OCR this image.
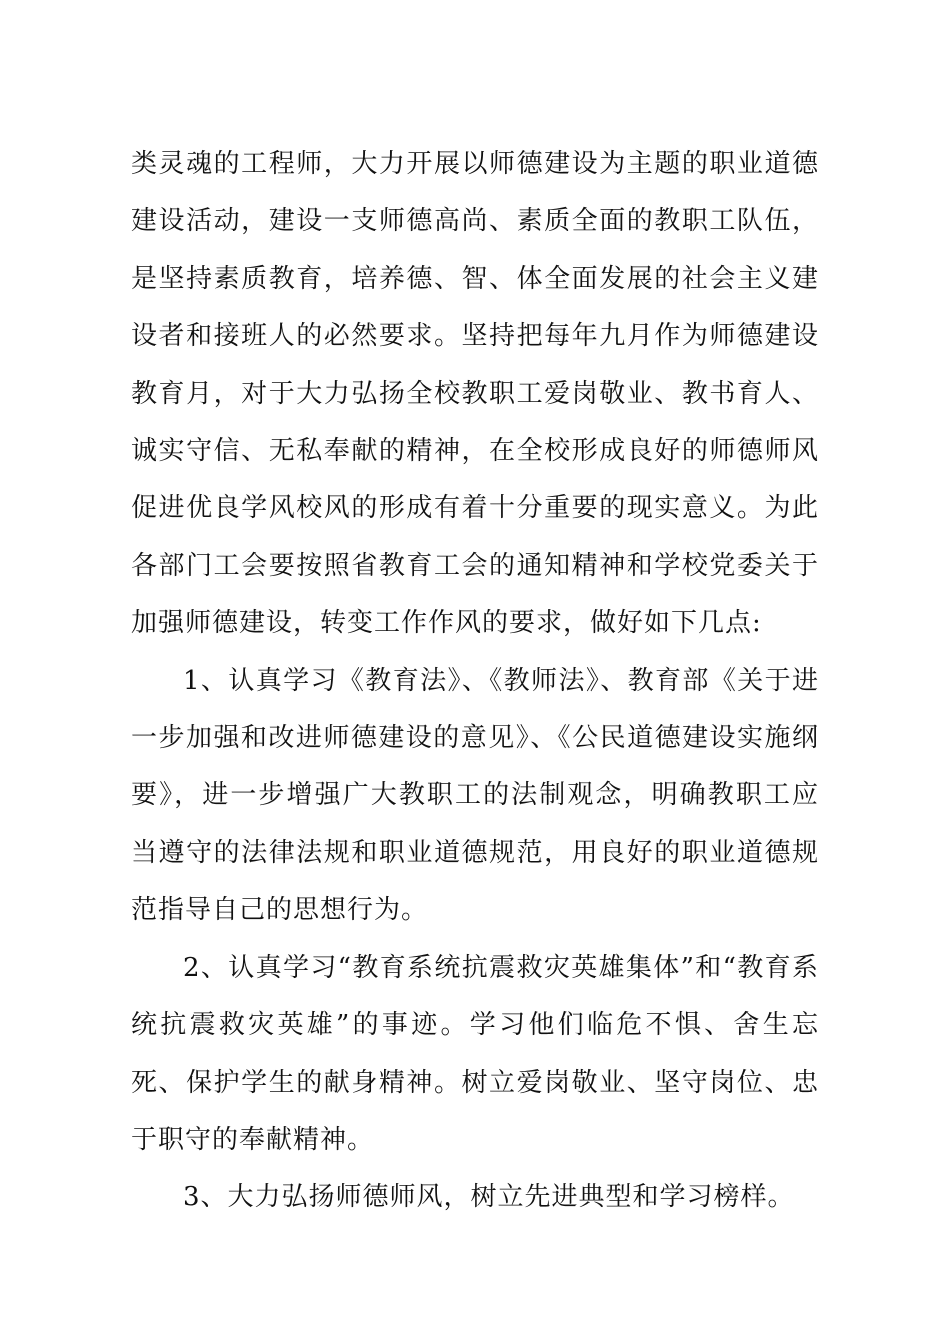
类灵魂的工程师，大力开展以师德建设为主题的职业道德建设活动，建设一支师德高尚、素质全面的教职工队伍，是坚持素质教育，培养德、智、体全面发展的社会主义建设者和接班人的必然要求。坚持把每年九月作为师德建设教育月，对于大力弘扬全校教职工爱岗敬业、教书育人、诚实守信、无私奉献的精神，在全校形成良好的师德师风促进优良学风校风的形成有着十分重要的现实意义。为此各部门工会要按照省教育工会的通知精神和学校党委关于加强师德建设，转变工作作风的要求，做好如下几点:

1、认真学习《教育法》、《教师法》、教育部《关于进一步加强和改进师德建设的意见》、《公民道德建设实施纲要》，进一步增强广大教职工的法制观念，明确教职工应当遵守的法律法规和职业道德规范，用良好的职业道德规范指导自己的思想行为。

2、认真学习“教育系统抗震救灾英雄集体”和“教育系统抗震救灾英雄”的事迹。学习他们临危不惧、舍生忘死、保护学生的献身精神。树立爱岗敬业、坚守岗位、忠于职守的奉献精神。

3、大力弘扬师德师风，树立先进典型和学习榜样。
